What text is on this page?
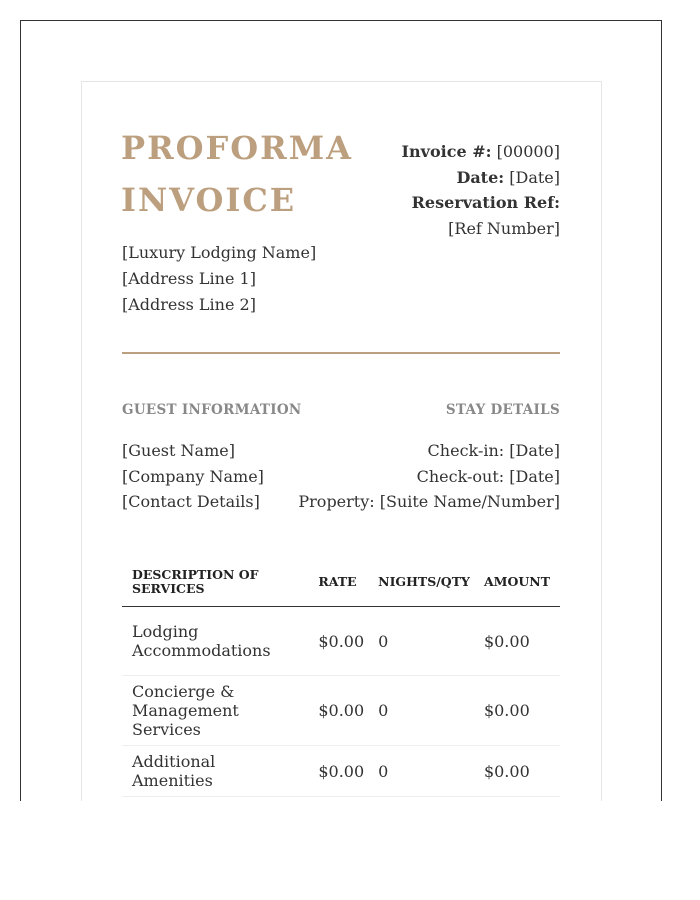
PROFORMA
INVOICE
Invoice #: [00000]
Date: [Date]
Reservation Ref:
[Ref Number]
[Luxury Lodging Name]
[Address Line 1]
[Address Line 2]
GUEST INFORMATION	STAY DETAILS
[Guest Name]
[Company Name]
[Contact Details]
Check-in: [Date]
Check-out: [Date]
Property: [Suite Name/Number]
DESCRIPTION OF SERVICES	RATE	NIGHTS/QTY	AMOUNT
Lodging Accommodations	$0.00	0	$0.00
Concierge & Management Services	$0.00	0	$0.00
Additional Amenities	$0.00	0	$0.00
